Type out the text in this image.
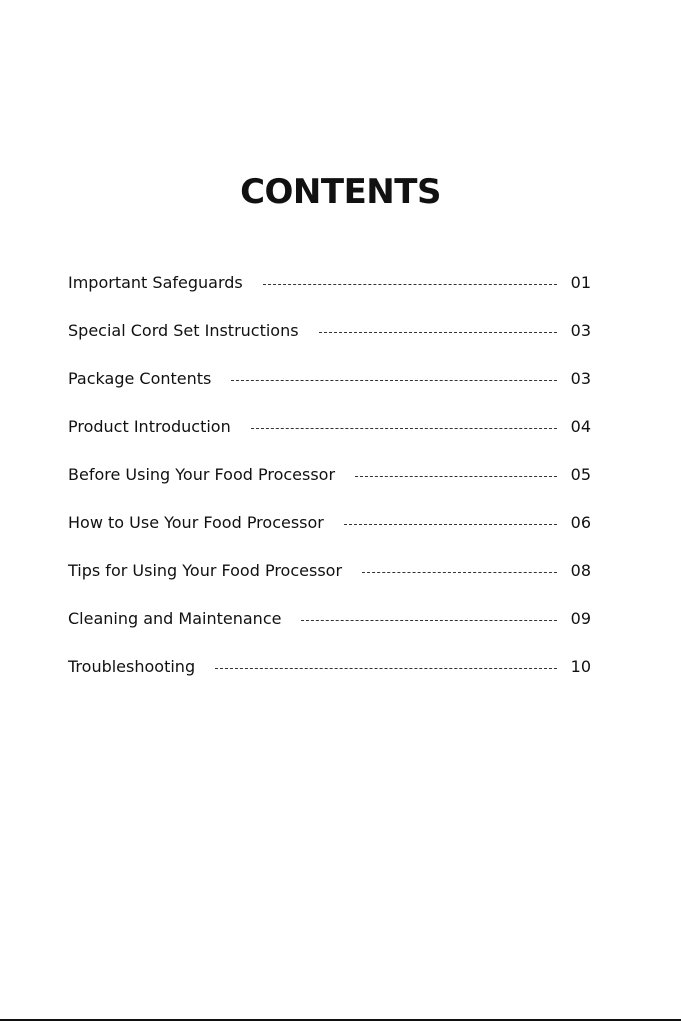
CONTENTS
Important Safeguards	01
Special Cord Set Instructions	03
Package Contents	03
Product Introduction	04
Before Using Your Food Processor	05
How to Use Your Food Processor	06
Tips for Using Your Food Processor	08
Cleaning and Maintenance	09
Troubleshooting	10
